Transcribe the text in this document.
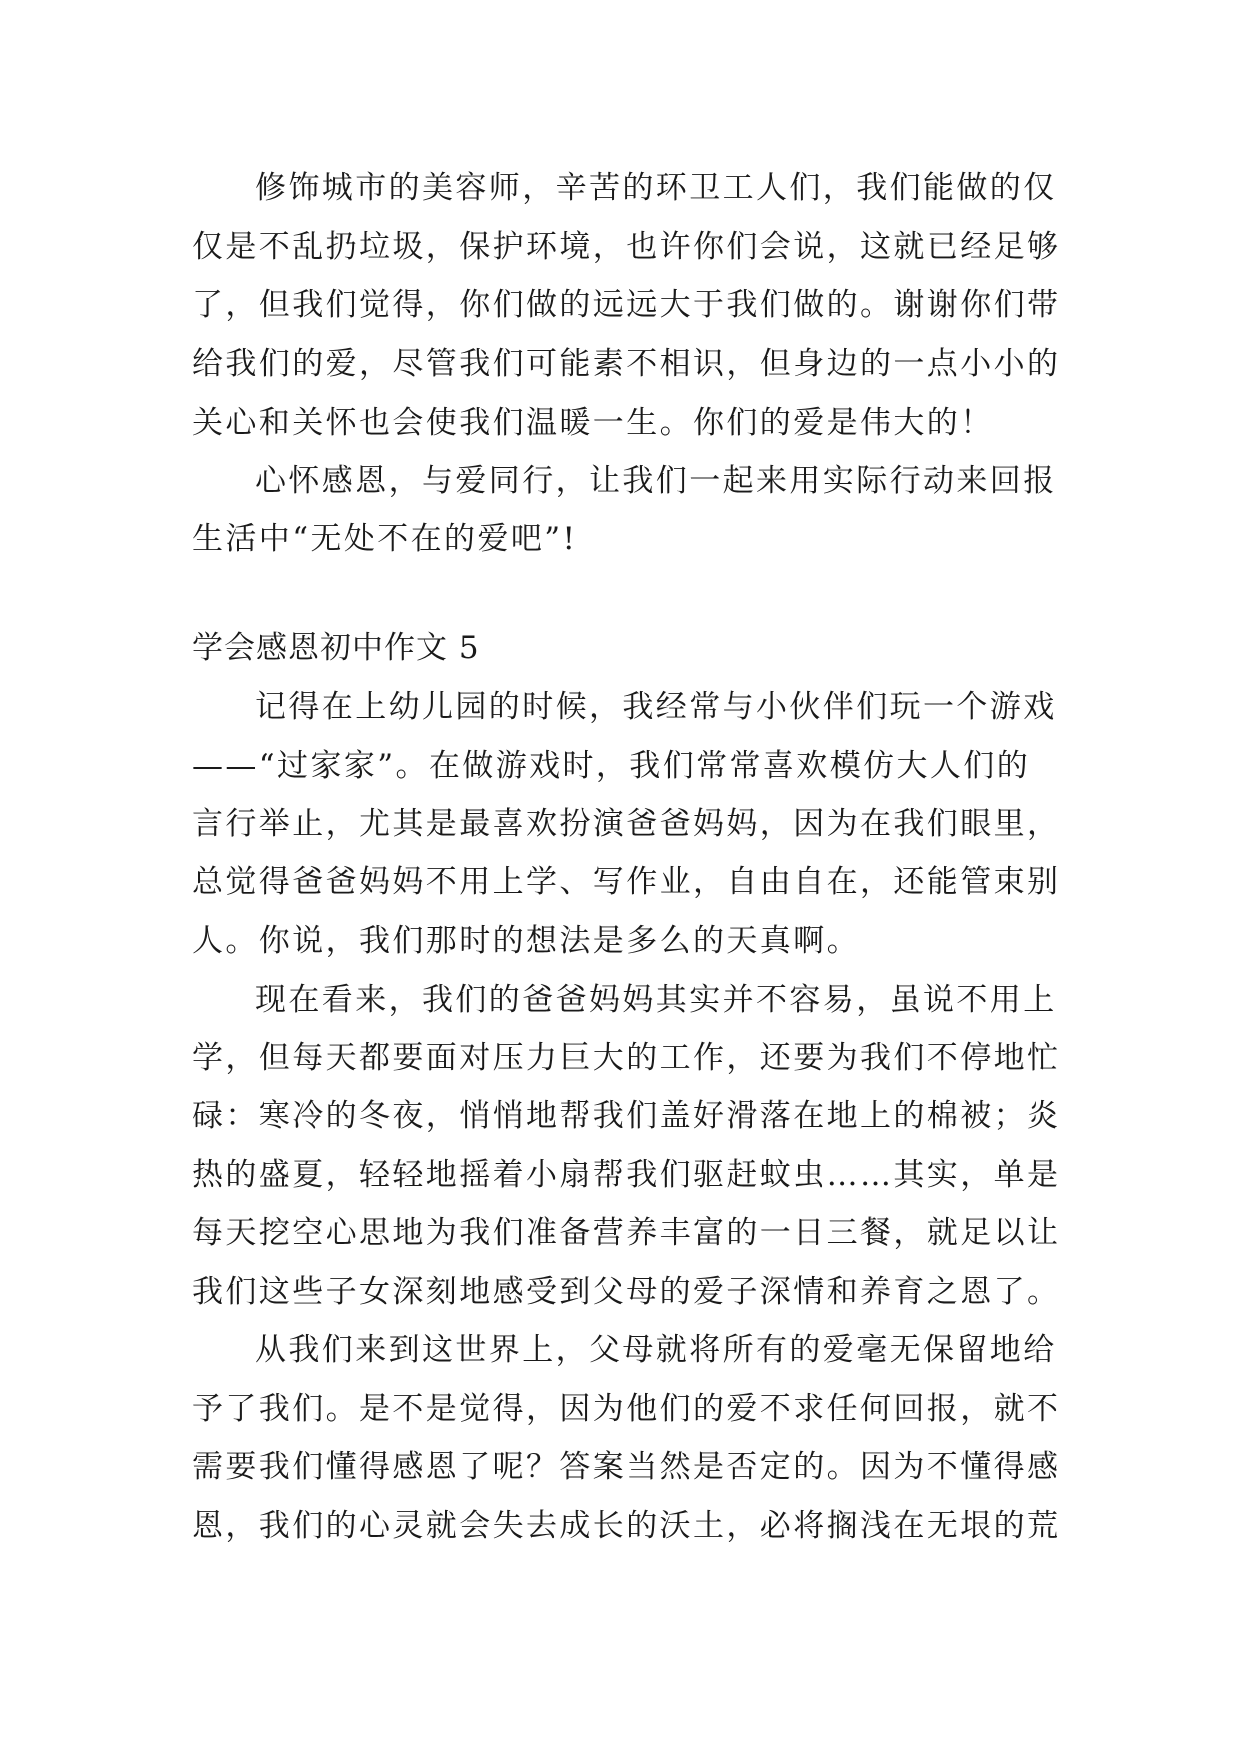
修饰城市的美容师，辛苦的环卫工人们，我们能做的仅
仅是不乱扔垃圾，保护环境，也许你们会说，这就已经足够
了，但我们觉得，你们做的远远大于我们做的。谢谢你们带
给我们的爱，尽管我们可能素不相识，但身边的一点小小的
关心和关怀也会使我们温暖一生。你们的爱是伟大的！
心怀感恩，与爱同行，让我们一起来用实际行动来回报
生活中“无处不在的爱吧”!
学会感恩初中作文 5
记得在上幼儿园的时候，我经常与小伙伴们玩一个游戏
——“过家家”。在做游戏时，我们常常喜欢模仿大人们的
言行举止，尤其是最喜欢扮演爸爸妈妈，因为在我们眼里，
总觉得爸爸妈妈不用上学、写作业，自由自在，还能管束别
人。你说，我们那时的想法是多么的天真啊。
现在看来，我们的爸爸妈妈其实并不容易，虽说不用上
学，但每天都要面对压力巨大的工作，还要为我们不停地忙
碌：寒冷的冬夜，悄悄地帮我们盖好滑落在地上的棉被；炎
热的盛夏，轻轻地摇着小扇帮我们驱赶蚊虫……其实，单是
每天挖空心思地为我们准备营养丰富的一日三餐，就足以让
我们这些子女深刻地感受到父母的爱子深情和养育之恩了。
从我们来到这世界上，父母就将所有的爱毫无保留地给
予了我们。是不是觉得，因为他们的爱不求任何回报，就不
需要我们懂得感恩了呢？答案当然是否定的。因为不懂得感
恩，我们的心灵就会失去成长的沃土，必将搁浅在无垠的荒
